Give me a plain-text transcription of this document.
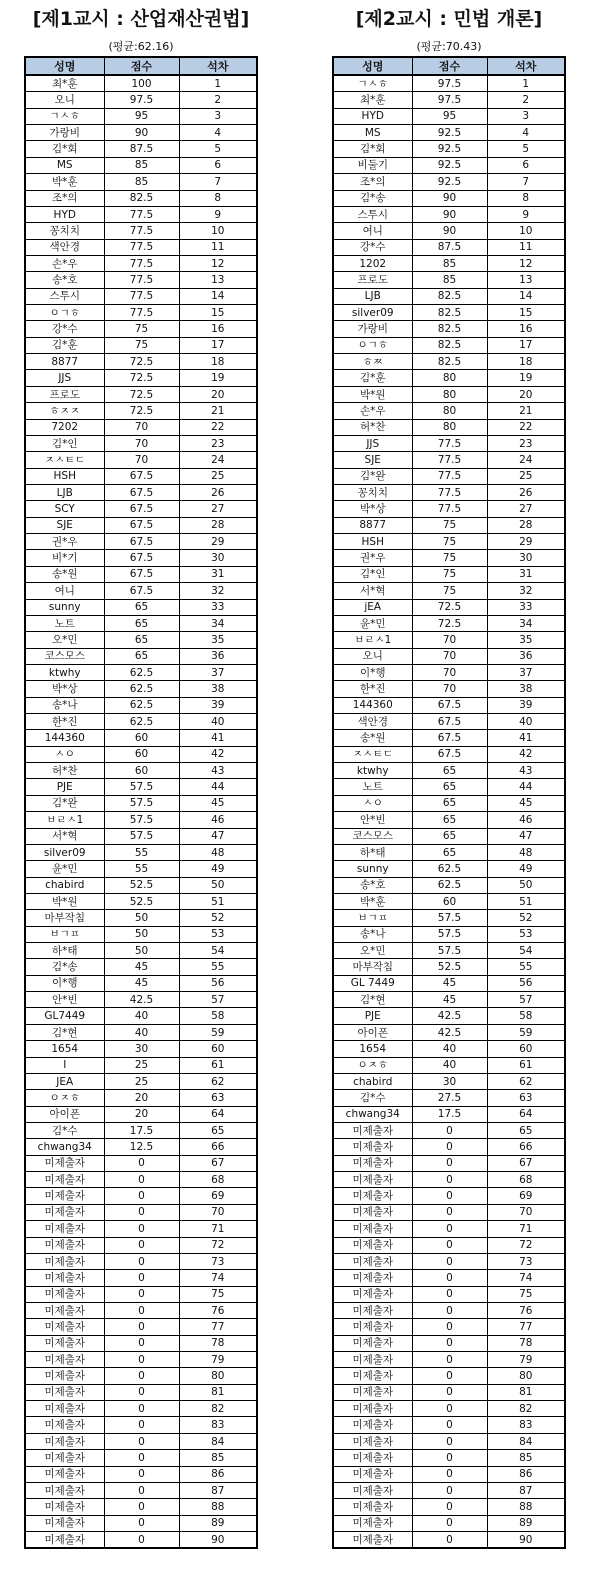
[제1교시 : 산업재산권법]
(평균:62.16)
성명	점수	석차
최*훈	100	1
오니	97.5	2
ㄱㅅㅎ	95	3
가랑비	90	4
김*회	87.5	5
MS	85	6
박*훈	85	7
조*의	82.5	8
HYD	77.5	9
꽁치치	77.5	10
색안경	77.5	11
손*우	77.5	12
송*호	77.5	13
스투시	77.5	14
ㅇㄱㅎ	77.5	15
강*수	75	16
김*훈	75	17
8877	72.5	18
JJS	72.5	19
프로도	72.5	20
ㅎㅈㅈ	72.5	21
7202	70	22
김*인	70	23
ㅈㅅㅌㄷ	70	24
HSH	67.5	25
LJB	67.5	26
SCY	67.5	27
SJE	67.5	28
권*우	67.5	29
비*기	67.5	30
송*원	67.5	31
여니	67.5	32
sunny	65	33
노트	65	34
오*민	65	35
코스모스	65	36
ktwhy	62.5	37
박*상	62.5	38
송*나	62.5	39
한*진	62.5	40
144360	60	41
ㅅㅇ	60	42
허*찬	60	43
PJE	57.5	44
김*완	57.5	45
ㅂㄹㅅ1	57.5	46
서*혁	57.5	47
silver09	55	48
윤*민	55	49
chabird	52.5	50
박*원	52.5	51
마부작침	50	52
ㅂㄱㅍ	50	53
하*태	50	54
김*송	45	55
이*행	45	56
안*빈	42.5	57
GL7449	40	58
김*현	40	59
1654	30	60
I	25	61
JEA	25	62
ㅇㅈㅎ	20	63
아이폰	20	64
김*수	17.5	65
chwang34	12.5	66
미제출자	0	67
미제출자	0	68
미제출자	0	69
미제출자	0	70
미제출자	0	71
미제출자	0	72
미제출자	0	73
미제출자	0	74
미제출자	0	75
미제출자	0	76
미제출자	0	77
미제출자	0	78
미제출자	0	79
미제출자	0	80
미제출자	0	81
미제출자	0	82
미제출자	0	83
미제출자	0	84
미제출자	0	85
미제출자	0	86
미제출자	0	87
미제출자	0	88
미제출자	0	89
미제출자	0	90
[제2교시 : 민법 개론]
(평균:70.43)
성명	점수	석차
ㄱㅅㅎ	97.5	1
최*훈	97.5	2
HYD	95	3
MS	92.5	4
김*회	92.5	5
비둘기	92.5	6
조*의	92.5	7
김*송	90	8
스투시	90	9
여니	90	10
강*수	87.5	11
1202	85	12
프로도	85	13
LJB	82.5	14
silver09	82.5	15
가랑비	82.5	16
ㅇㄱㅎ	82.5	17
ㅎㅉ	82.5	18
김*훈	80	19
박*원	80	20
손*우	80	21
허*찬	80	22
JJS	77.5	23
SJE	77.5	24
김*완	77.5	25
꽁치치	77.5	26
박*상	77.5	27
8877	75	28
HSH	75	29
권*우	75	30
김*인	75	31
서*혁	75	32
jEA	72.5	33
윤*민	72.5	34
ㅂㄹㅅ1	70	35
오니	70	36
이*행	70	37
한*진	70	38
144360	67.5	39
색안경	67.5	40
송*원	67.5	41
ㅈㅅㅌㄷ	67.5	42
ktwhy	65	43
노트	65	44
ㅅㅇ	65	45
안*빈	65	46
코스모스	65	47
하*태	65	48
sunny	62.5	49
송*호	62.5	50
박*훈	60	51
ㅂㄱㅍ	57.5	52
송*나	57.5	53
오*민	57.5	54
마부작침	52.5	55
GL 7449	45	56
김*현	45	57
PJE	42.5	58
아이폰	42.5	59
1654	40	60
ㅇㅈㅎ	40	61
chabird	30	62
김*수	27.5	63
chwang34	17.5	64
미제출자	0	65
미제출자	0	66
미제출자	0	67
미제출자	0	68
미제출자	0	69
미제출자	0	70
미제출자	0	71
미제출자	0	72
미제출자	0	73
미제출자	0	74
미제출자	0	75
미제출자	0	76
미제출자	0	77
미제출자	0	78
미제출자	0	79
미제출자	0	80
미제출자	0	81
미제출자	0	82
미제출자	0	83
미제출자	0	84
미제출자	0	85
미제출자	0	86
미제출자	0	87
미제출자	0	88
미제출자	0	89
미제출자	0	90
